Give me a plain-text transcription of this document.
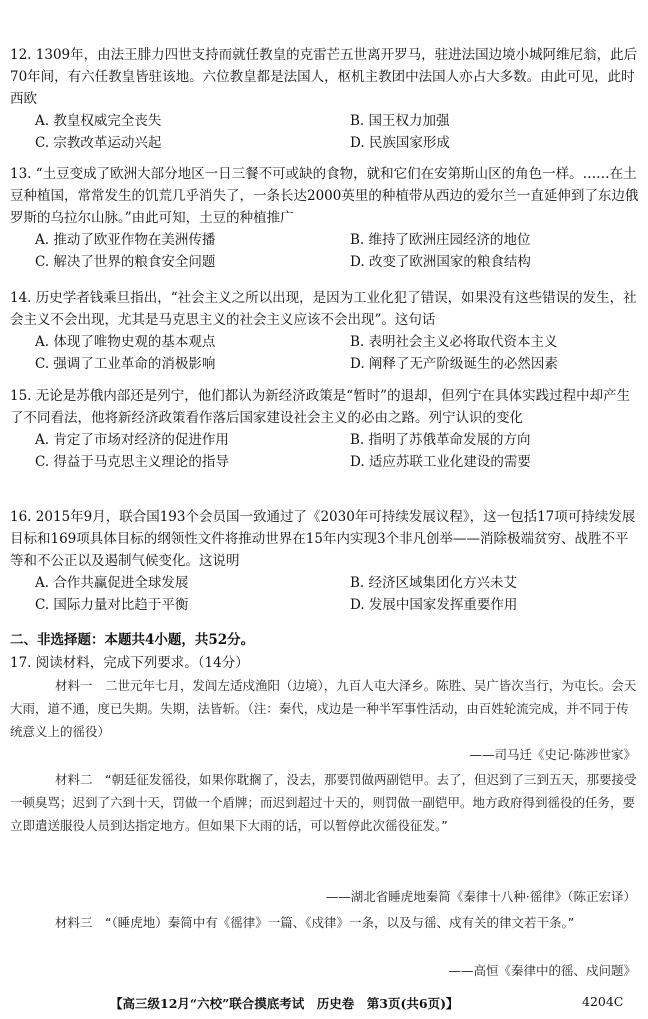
12. 1309年，由法王腓力四世支持而就任教皇的克雷芒五世离开罗马，驻进法国边境小城阿维尼翁，此后70年间，有六任教皇皆驻该地。六位教皇都是法国人，枢机主教团中法国人亦占大多数。由此可见，此时西欧

A. 教皇权威完全丧失	B. 国王权力加强
C. 宗教改革运动兴起	D. 民族国家形成

13. “土豆变成了欧洲大部分地区一日三餐不可或缺的食物，就和它们在安第斯山区的角色一样。……在土豆种植国，常常发生的饥荒几乎消失了，一条长达2000英里的种植带从西边的爱尔兰一直延伸到了东边俄罗斯的乌拉尔山脉。”由此可知，土豆的种植推广

A. 推动了欧亚作物在美洲传播	B. 维持了欧洲庄园经济的地位
C. 解决了世界的粮食安全问题	D. 改变了欧洲国家的粮食结构

14. 历史学者钱乘旦指出，“社会主义之所以出现，是因为工业化犯了错误，如果没有这些错误的发生，社会主义不会出现，尤其是马克思主义的社会主义应该不会出现”。这句话

A. 体现了唯物史观的基本观点	B. 表明社会主义必将取代资本主义
C. 强调了工业革命的消极影响	D. 阐释了无产阶级诞生的必然因素

15. 无论是苏俄内部还是列宁，他们都认为新经济政策是“暂时”的退却，但列宁在具体实践过程中却产生了不同看法，他将新经济政策看作落后国家建设社会主义的必由之路。列宁认识的变化

A. 肯定了市场对经济的促进作用	B. 指明了苏俄革命发展的方向
C. 得益于马克思主义理论的指导	D. 适应苏联工业化建设的需要

16. 2015年9月，联合国193个会员国一致通过了《2030年可持续发展议程》，这一包括17项可持续发展目标和169项具体目标的纲领性文件将推动世界在15年内实现3个非凡创举——消除极端贫穷、战胜不平等和不公正以及遏制气候变化。这说明

A. 合作共赢促进全球发展	B. 经济区域集团化方兴未艾
C. 国际力量对比趋于平衡	D. 发展中国家发挥重要作用
二、非选择题：本题共4小题，共52分。
17. 阅读材料，完成下列要求。（14分）

材料一　二世元年七月，发闾左适戍渔阳（边境），九百人屯大泽乡。陈胜、吴广皆次当行，为屯长。会天大雨，道不通，度已失期。失期，法皆斩。（注：秦代，戍边是一种半军事性活动，由百姓轮流完成，并不同于传统意义上的徭役）

——司马迁《史记·陈涉世家》

材料二　“朝廷征发徭役，如果你耽搁了，没去，那要罚做两副铠甲。去了，但迟到了三到五天，那要接受一顿臭骂；迟到了六到十天，罚做一个盾牌；而迟到超过十天的，则罚做一副铠甲。地方政府得到徭役的任务，要立即遣送服役人员到达指定地方。但如果下大雨的话，可以暂停此次徭役征发。”

——湖北省睡虎地秦简《秦律十八种·徭律》（陈正宏译）

材料三　“（睡虎地）秦简中有《徭律》一篇、《戍律》一条，以及与徭、戍有关的律文若干条。”

——高恒《秦律中的徭、戍问题》
【高三级12月“六校”联合摸底考试　历史卷　第3页(共6页)】	4204C
